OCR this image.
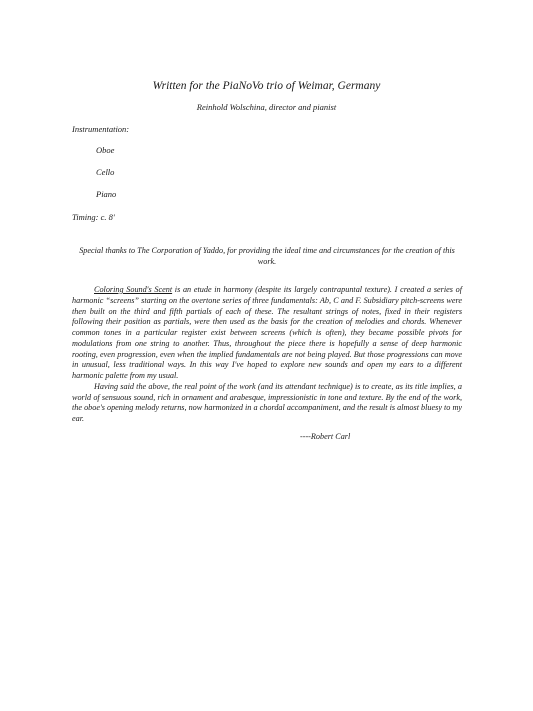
Written for the PiaNoVo trio of Weimar, Germany
Reinhold Wolschina, director and pianist
Instrumentation:
Oboe
Cello
Piano
Timing: c. 8'
Special thanks to The Corporation of Yaddo, for providing the ideal time and circumstances for the creation of this work.

Coloring Sound's Scent is an etude in harmony (despite its largely contrapuntal texture). I created a series of harmonic “screens” starting on the overtone series of three fundamentals: Ab, C and F. Subsidiary pitch-screens were then built on the third and fifth partials of each of these. The resultant strings of notes, fixed in their registers following their position as partials, were then used as the basis for the creation of melodies and chords. Whenever common tones in a particular register exist between screens (which is often), they became possible pivots for modulations from one string to another. Thus, throughout the piece there is hopefully a sense of deep harmonic rooting, even progression, even when the implied fundamentals are not being played. But those progressions can move in unusual, less traditional ways. In this way I've hoped to explore new sounds and open my ears to a different harmonic palette from my usual.

Having said the above, the real point of the work (and its attendant technique) is to create, as its title implies, a world of sensuous sound, rich in ornament and arabesque, impressionistic in tone and texture. By the end of the work, the oboe's opening melody returns, now harmonized in a chordal accompaniment, and the result is almost bluesy to my ear.

----Robert Carl
